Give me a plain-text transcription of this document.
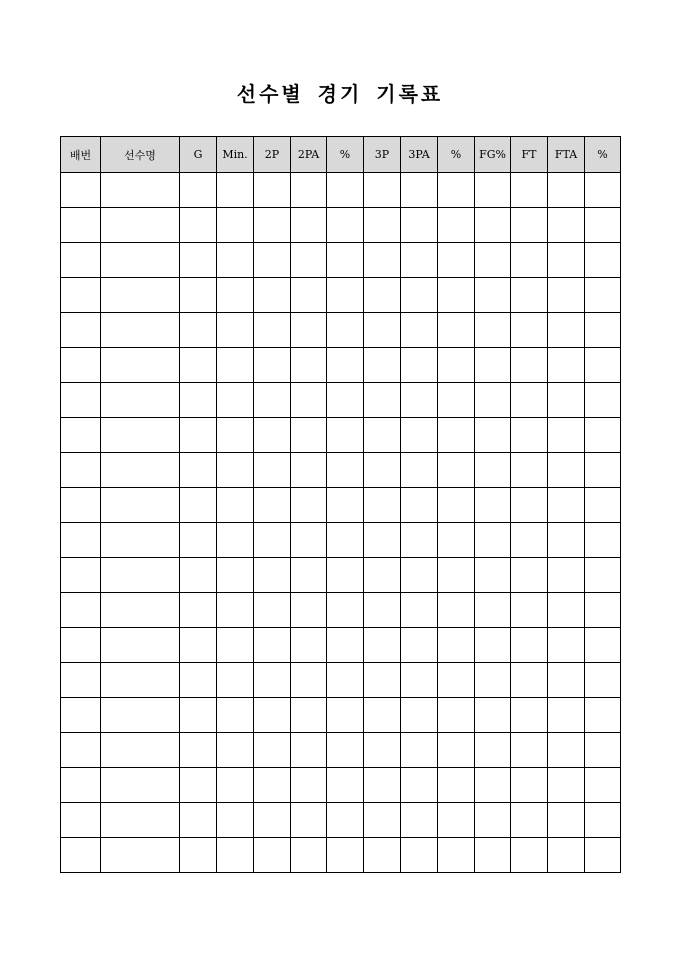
선수별 경기 기록표
배번	선수명	G	Min.	2P	2PA	%	3P	3PA	%	FG%	FT	FTA	%
